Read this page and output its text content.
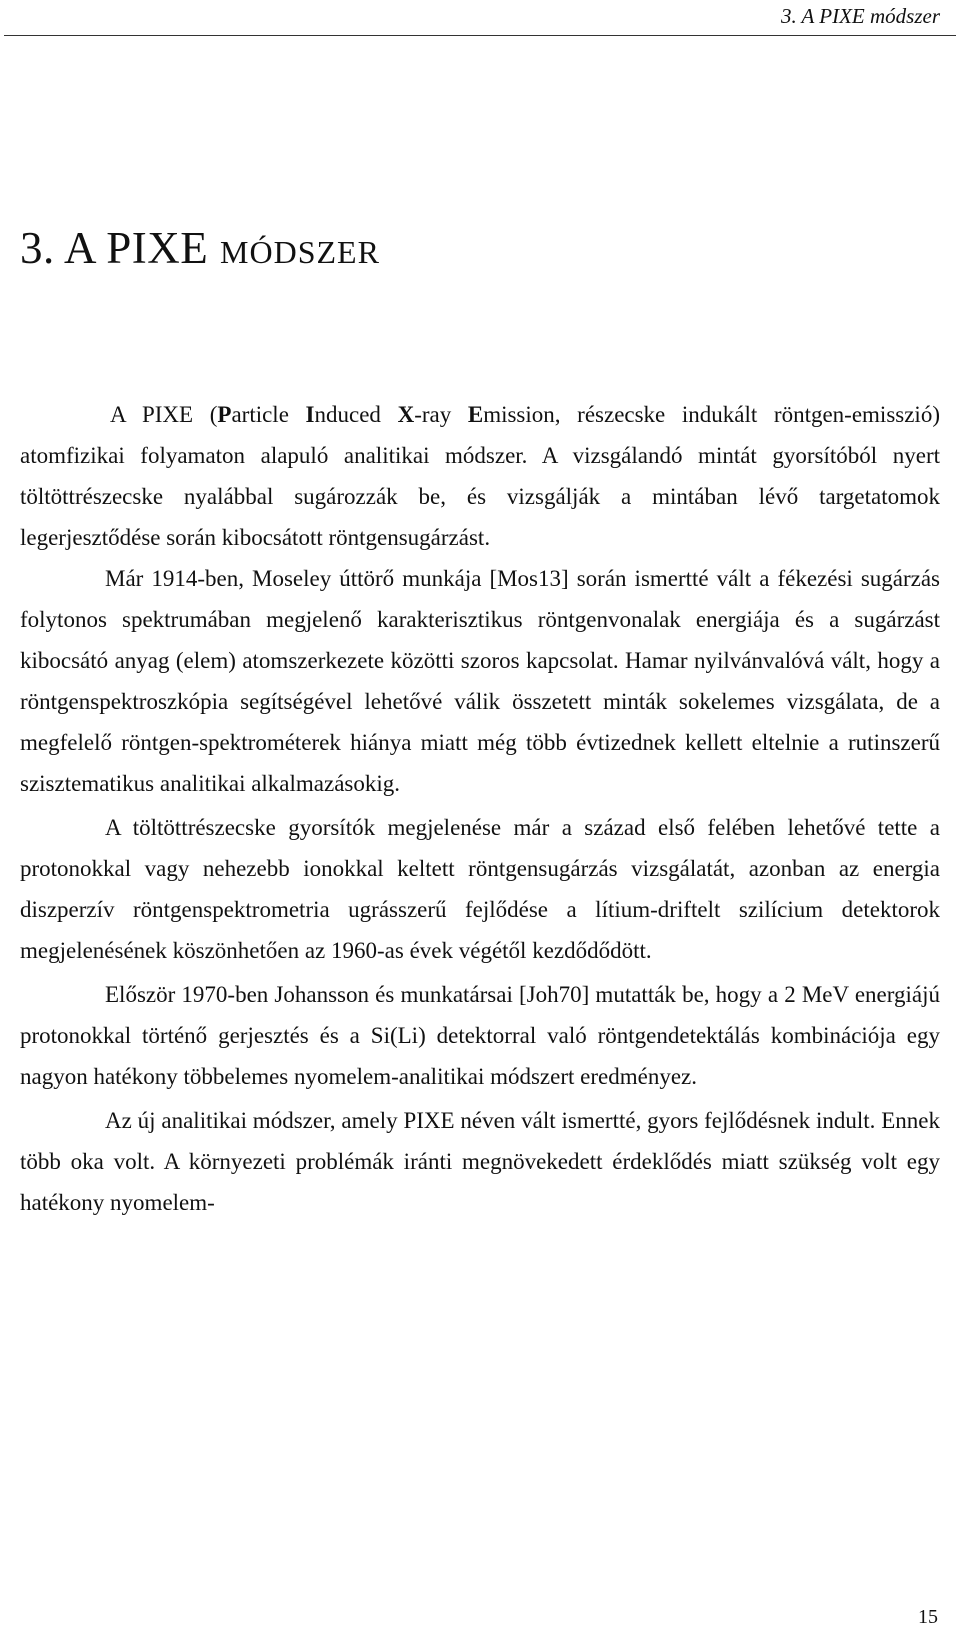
3. A PIXE módszer
3. A PIXE MÓDSZER

A PIXE (Particle Induced X-ray Emission, részecske indukált röntgen-emisszió) atomfizikai folyamaton alapuló analitikai módszer. A vizsgálandó mintát gyorsítóból nyert töltöttrészecske nyalábbal sugározzák be, és vizsgálják a mintában lévő targetatomok legerjesztődése során kibocsátott röntgensugárzást.

Már 1914-ben, Moseley úttörő munkája [Mos13] során ismertté vált a fékezési sugárzás folytonos spektrumában megjelenő karakterisztikus röntgenvonalak energiája és a sugárzást kibocsátó anyag (elem) atomszerkezete közötti szoros kapcsolat. Hamar nyilvánvalóvá vált, hogy a röntgenspektroszkópia segítségével lehetővé válik összetett minták sokelemes vizsgálata, de a megfelelő röntgen-spektrométerek hiánya miatt még több évtizednek kellett eltelnie a rutinszerű szisztematikus analitikai alkalmazásokig.

A töltöttrészecske gyorsítók megjelenése már a század első felében lehetővé tette a protonokkal vagy nehezebb ionokkal keltett röntgensugárzás vizsgálatát, azonban az energia diszperzív röntgenspektrometria ugrásszerű fejlődése a lítium-driftelt szilícium detektorok megjelenésének köszönhetően az 1960-as évek végétől kezdődődött.

Először 1970-ben Johansson és munkatársai [Joh70] mutatták be, hogy a 2 MeV energiájú protonokkal történő gerjesztés és a Si(Li) detektorral való röntgendetektálás kombinációja egy nagyon hatékony többelemes nyomelem-analitikai módszert eredményez.

Az új analitikai módszer, amely PIXE néven vált ismertté, gyors fejlődésnek indult. Ennek több oka volt. A környezeti problémák iránti megnövekedett érdeklődés miatt szükség volt egy hatékony nyomelem-

15
